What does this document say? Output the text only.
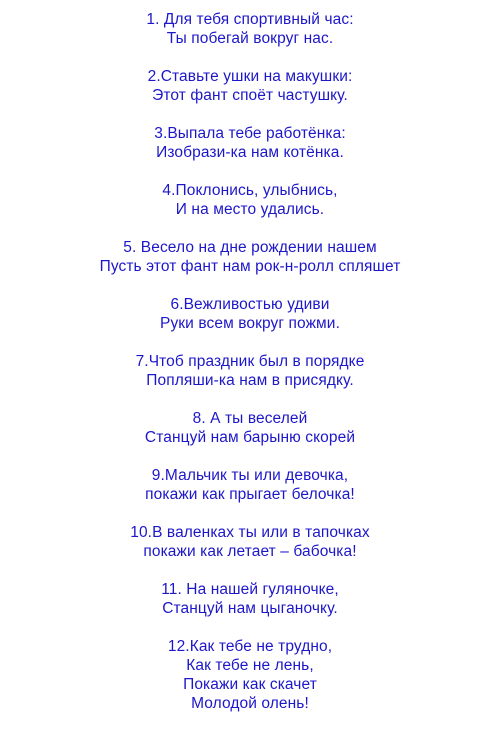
1. Для тебя спортивный час:
Ты побегай вокруг нас.
2.Ставьте ушки на макушки:
Этот фант споёт частушку.
3.Выпала тебе работёнка:
Изобрази-ка нам котёнка.
4.Поклонись, улыбнись,
И на место удались.
5. Весело на дне рождении нашем
Пусть этот фант нам рок-н-ролл спляшет
6.Вежливостью удиви
Руки всем вокруг пожми.
7.Чтоб праздник был в порядке
Попляши-ка нам в присядку.
8. А ты веселей
Станцуй нам барыню скорей
9.Мальчик ты или девочка,
покажи как прыгает белочка!
10.В валенках ты или в тапочках
покажи как летает – бабочка!
11. На нашей гуляночке,
Станцуй нам цыганочку.
12.Как тебе не трудно,
Как тебе не лень,
Покажи как скачет
Молодой олень!
